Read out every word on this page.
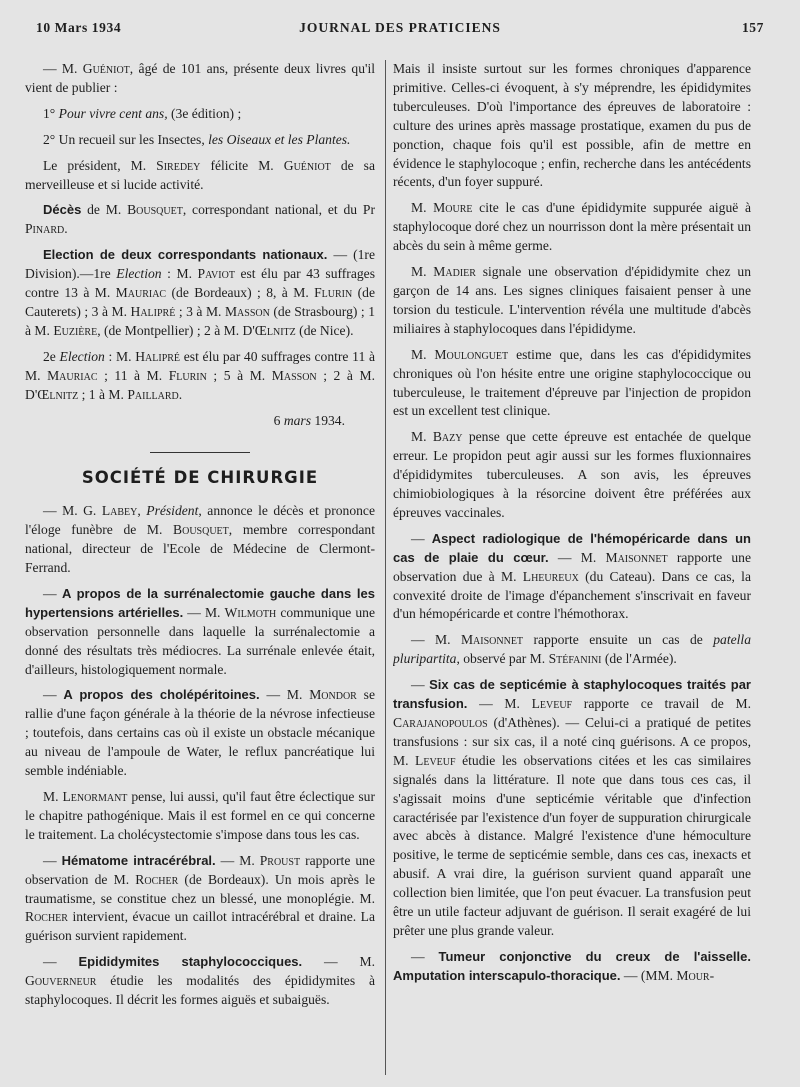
10 Mars 1934	JOURNAL DES PRATICIENS	157

— M. Guéniot, âgé de 101 ans, présente deux livres qu'il vient de publier :

1° Pour vivre cent ans, (3e édition) ;

2° Un recueil sur les Insectes, les Oiseaux et les Plantes.

Le président, M. Siredey félicite M. Guéniot de sa merveilleuse et si lucide activité.

Décès de M. Bousquet, correspondant national, et du Pr Pinard.

Election de deux correspondants nationaux. — (1re Division).—1re Election : M. Paviot est élu par 43 suffrages contre 13 à M. Mauriac (de Bordeaux) ; 8, à M. Flurin (de Cauterets) ; 3 à M. Halipré ; 3 à M. Masson (de Strasbourg) ; 1 à M. Euzière, (de Montpellier) ; 2 à M. D'Œlnitz (de Nice).

2e Election : M. Halipré est élu par 40 suffrages contre 11 à M. Mauriac ; 11 à M. Flurin ; 5 à M. Masson ; 2 à M. D'Œlnitz ; 1 à M. Paillard.

6 mars 1934.

SOCIÉTÉ DE CHIRURGIE

— M. G. Labey, Président, annonce le décès et prononce l'éloge funèbre de M. Bousquet, membre correspondant national, directeur de l'Ecole de Médecine de Clermont-Ferrand.

— A propos de la surrénalectomie gauche dans les hypertensions artérielles. — M. Wilmoth communique une observation personnelle dans laquelle la surrénalectomie a donné des résultats très médiocres. La surrénale enlevée était, d'ailleurs, histologiquement normale.

— A propos des cholépéritoines. — M. Mondor se rallie d'une façon générale à la théorie de la névrose infectieuse ; toutefois, dans certains cas où il existe un obstacle mécanique au niveau de l'ampoule de Water, le reflux pancréatique lui semble indéniable.

M. Lenormant pense, lui aussi, qu'il faut être éclectique sur le chapitre pathogénique. Mais il est formel en ce qui concerne le traitement. La cholécystectomie s'impose dans tous les cas.

— Hématome intracérébral. — M. Proust rapporte une observation de M. Rocher (de Bordeaux). Un mois après le traumatisme, se constitue chez un blessé, une monoplégie. M. Rocher intervient, évacue un caillot intracérébral et draine. La guérison survient rapidement.

— Epididymites staphylococciques. — M. Gouverneur étudie les modalités des épididymites à staphylocoques. Il décrit les formes aiguës et subaiguës.

Mais il insiste surtout sur les formes chroniques d'apparence primitive. Celles-ci évoquent, à s'y méprendre, les épididymites tuberculeuses. D'où l'importance des épreuves de laboratoire : culture des urines après massage prostatique, examen du pus de ponction, chaque fois qu'il est possible, afin de mettre en évidence le staphylocoque ; enfin, recherche dans les antécédents récents, d'un foyer suppuré.

M. Moure cite le cas d'une épididymite suppurée aiguë à staphylocoque doré chez un nourrisson dont la mère présentait un abcès du sein à même germe.

M. Madier signale une observation d'épididymite chez un garçon de 14 ans. Les signes cliniques faisaient penser à une torsion du testicule. L'intervention révéla une multitude d'abcès miliaires à staphylocoques dans l'épididyme.

M. Moulonguet estime que, dans les cas d'épididymites chroniques où l'on hésite entre une origine staphylococcique ou tuberculeuse, le traitement d'épreuve par l'injection de propidon est un excellent test clinique.

M. Bazy pense que cette épreuve est entachée de quelque erreur. Le propidon peut agir aussi sur les formes fluxionnaires d'épididymites tuberculeuses. A son avis, les épreuves chimiobiologiques à la résorcine doivent être préférées aux épreuves vaccinales.

— Aspect radiologique de l'hémopéricarde dans un cas de plaie du cœur. — M. Maisonnet rapporte une observation due à M. Lheureux (du Cateau). Dans ce cas, la convexité droite de l'image d'épanchement s'inscrivait en faveur d'un hémopéricarde et contre l'hémothorax.

— M. Maisonnet rapporte ensuite un cas de patella pluripartita, observé par M. Stéfanini (de l'Armée).

— Six cas de septicémie à staphylocoques traités par transfusion. — M. Leveuf rapporte ce travail de M. Carajanopoulos (d'Athènes). — Celui-ci a pratiqué de petites transfusions : sur six cas, il a noté cinq guérisons. A ce propos, M. Leveuf étudie les observations citées et les cas similaires signalés dans la littérature. Il note que dans tous ces cas, il s'agissait moins d'une septicémie véritable que d'infection caractérisée par l'existence d'un foyer de suppuration chirurgicale avec abcès à distance. Malgré l'existence d'une hémoculture positive, le terme de septicémie semble, dans ces cas, inexacts et abusif. A vrai dire, la guérison survient quand apparaît une collection bien limitée, que l'on peut évacuer. La transfusion peut être un utile facteur adjuvant de guérison. Il serait exagéré de lui prêter une plus grande valeur.

— Tumeur conjonctive du creux de l'aisselle. Amputation interscapulo-thoracique. — (MM. Mour-
